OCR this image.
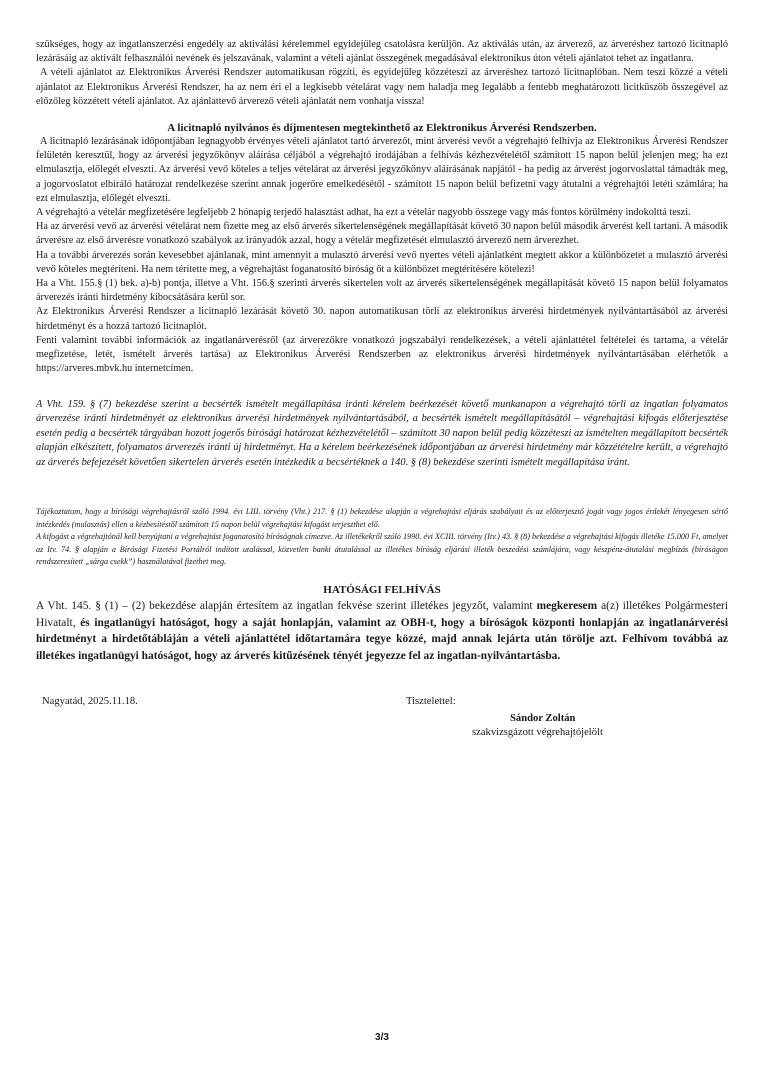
szükséges, hogy az ingatlanszerzési engedély az aktiválási kérelemmel egyidejűleg csatolásra kerüljön. Az aktiválás után, az árverező, az árveréshez tartozó licitnapló lezárásáig az aktivált felhasználói nevének és jelszavának, valamint a vételi ajánlat összegének megadásával elektronikus úton vételi ajánlatot tehet az ingatlanra.

A vételi ajánlatot az Elektronikus Árverési Rendszer automatikusan rögzíti, és egyidejűleg közzéteszi az árveréshez tartozó licitnaplóban. Nem teszi közzé a vételi ajánlatot az Elektronikus Árverési Rendszer, ha az nem éri el a legkisebb vételárat vagy nem haladja meg legalább a fentebb meghatározott licitküszöb összegével az előzőleg közzétett vételi ajánlatot. Az ajánlattevő árverező vételi ajánlatát nem vonhatja vissza!

A licitnapló nyilvános és díjmentesen megtekinthető az Elektronikus Árverési Rendszerben.

A licitnapló lezárásának időpontjában legnagyobb érvényes vételi ajánlatot tartó árverezőt, mint árverési vevőt a végrehajtó felhívja az Elektronikus Árverési Rendszer felületén keresztül, hogy az árverési jegyzőkönyv aláírása céljából a végrehajtó irodájában a felhívás kézhezvételétől számított 15 napon belül jelenjen meg; ha ezt elmulasztja, előlegét elveszti. Az árverési vevő köteles a teljes vételárat az árverési jegyzőkönyv aláírásának napjától - ha pedig az árverést jogorvoslattal támadták meg, a jogorvoslatot elbíráló határozat rendelkezése szerint annak jogerőre emelkedésétől - számított 15 napon belül befizetni vagy átutalni a végrehajtói letéti számlára; ha ezt elmulasztja, előlegét elveszti.

A végrehajtó a vételár megfizetésére legfeljebb 2 hónapig terjedő halasztást adhat, ha ezt a vételár nagyobb összege vagy más fontos körülmény indokolttá teszi.

Ha az árverési vevő az árverési vételárat nem fizette meg az első árverés sikertelenségének megállapítását követő 30 napon belül második árverést kell tartani. A második árverésre az első árverésre vonatkozó szabályok az irányadók azzal, hogy a vételár megfizetését elmulasztó árverező nem árverezhet.

Ha a további árverezés során kevesebbet ajánlanak, mint amennyit a mulasztó árverési vevő nyertes vételi ajánlatként megtett akkor a különbözetet a mulasztó árverési vevő köteles megtéríteni. Ha nem térítette meg, a végrehajtást foganatosító bíróság őt a különbözet megtérítésére kötelezi!

Ha a Vht. 155.§ (1) bek. a)-b) pontja, illetve a Vht. 156.§ szerinti árverés sikertelen volt az árverés sikertelenségének megállapítását követő 15 napon belül folyamatos árverezés iránti hirdetmény kibocsátására kerül sor.

Az Elektronikus Árverési Rendszer a licitnapló lezárását követő 30. napon automatikusan törli az elektronikus árverési hirdetmények nyilvántartásából az árverési hirdetményt és a hozzá tartozó licitnaplót.

Fenti valamint további információk az ingatlanárverésről (az árverezőkre vonatkozó jogszabályi rendelkezések, a vételi ajánlattétel feltételei és tartama, a vételár megfizetése, letét, ismételt árverés tartása) az Elektronikus Árverési Rendszerben az elektronikus árverési hirdetmények nyilvántartásában elérhetők a https://arveres.mbvk.hu internetcímen.

A Vht. 159. § (7) bekezdése szerint a becsérték ismételt megállapítása iránti kérelem beérkezését követő munkanapon a végrehajtó törli az ingatlan folyamatos árverezése iránti hirdetményét az elektronikus árverési hirdetmények nyilvántartásából, a becsérték ismételt megállapításától – végrehajtási kifogás előterjesztése esetén pedig a becsérték tárgyában hozott jogerős bírósági határozat kézhezvételétől – számított 30 napon belül pedig közzéteszi az ismételten megállapított becsérték alapján elkészített, folyamatos árverezés iránti új hirdetményt. Ha a kérelem beérkezésének időpontjában az árverési hirdetmény már közzétételre került, a végrehajtó az árverés befejezését követően sikertelen árverés esetén intézkedik a becsértéknek a 140. § (8) bekezdése szerinti ismételt megállapítása iránt.

Tájékoztatom, hogy a bírósági végrehajtásról szóló 1994. évi LIII. törvény (Vht.) 217. § (1) bekezdése alapján a végrehajtási eljárás szabályait és az előterjesztő jogát vagy jogos érdekét lényegesen sértő intézkedés (mulasztás) ellen a kézbesítéstől számított 15 napon belül végrehajtási kifogást terjeszthet elő.

A kifogást a végrehajtónál kell benyújtani a végrehajtást foganatosító bíróságnak címezve. Az illetékekről szóló 1990. évi XCIII. törvény (Itv.) 43. § (8) bekezdése a végrehajtási kifogás illetéke 15.000 Ft, amelyet az Itv. 74. § alapján a Bírósági Fizetési Portálról indított utalással, közvetlen banki átutalással az illetékes bíróság eljárási illeték beszedési számlájára, vagy készpénz-átutalási megbízás (bíróságon rendszeresített „sárga csekk”) használatával fizethet meg.

HATÓSÁGI FELHÍVÁS
A Vht. 145. § (1) – (2) bekezdése alapján értesítem az ingatlan fekvése szerint illetékes jegyzőt, valamint megkeresem a(z) illetékes Polgármesteri Hivatalt, és ingatlanügyi hatóságot, hogy a saját honlapján, valamint az OBH-t, hogy a bíróságok központi honlapján az ingatlanárverési hirdetményt a hirdetőtábláján a vételi ajánlattétel időtartamára tegye közzé, majd annak lejárta után törölje azt. Felhívom továbbá az illetékes ingatlanügyi hatóságot, hogy az árverés kitűzésének tényét jegyezze fel az ingatlan-nyilvántartásba.
Nagyatád, 2025.11.18.	Tisztelettel:
Sándor Zoltán
szakvizsgázott végrehajtójelölt
3/3
